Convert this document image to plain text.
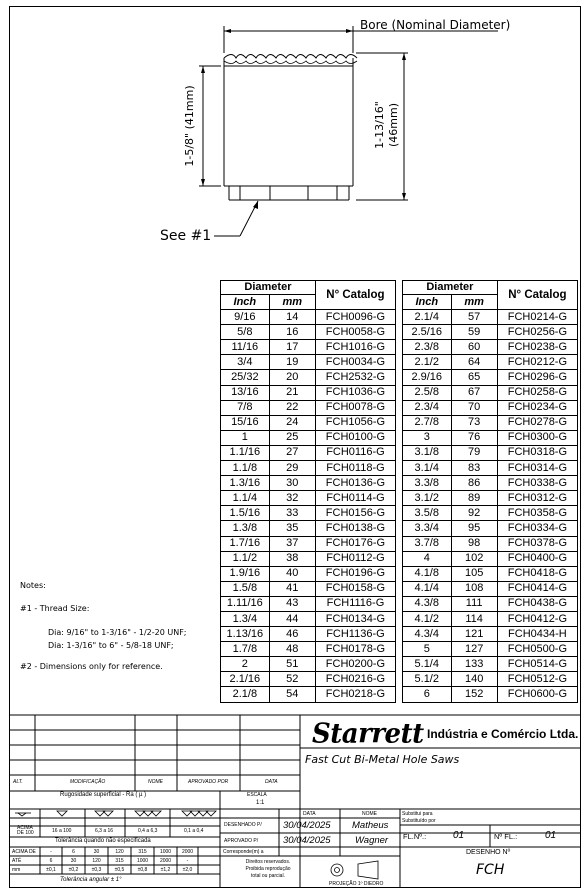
Bore (Nominal Diameter)
1-5/8" (41mm)	1-13/16" (46mm)
See #1
Diameter		N° Catalog
Inch	mm	
9/16	14	FCH0096-G
5/8	16	FCH0058-G
11/16	17	FCH1016-G
3/4	19	FCH0034-G
25/32	20	FCH2532-G
13/16	21	FCH1036-G
7/8	22	FCH0078-G
15/16	24	FCH1056-G
1	25	FCH0100-G
1.1/16	27	FCH0116-G
1.1/8	29	FCH0118-G
1.3/16	30	FCH0136-G
1.1/4	32	FCH0114-G
1.5/16	33	FCH0156-G
1.3/8	35	FCH0138-G
1.7/16	37	FCH0176-G
1.1/2	38	FCH0112-G
1.9/16	40	FCH0196-G
1.5/8	41	FCH0158-G
1.11/16	43	FCH1116-G
1.3/4	44	FCH0134-G
1.13/16	46	FCH1136-G
1.7/8	48	FCH0178-G
2	51	FCH0200-G
2.1/16	52	FCH0216-G
2.1/8	54	FCH0218-G
Diameter		N° Catalog
Inch	mm	
2.1/4	57	FCH0214-G
2.5/16	59	FCH0256-G
2.3/8	60	FCH0238-G
2.1/2	64	FCH0212-G
2.9/16	65	FCH0296-G
2.5/8	67	FCH0258-G
2.3/4	70	FCH0234-G
2.7/8	73	FCH0278-G
3	76	FCH0300-G
3.1/8	79	FCH0318-G
3.1/4	83	FCH0314-G
3.3/8	86	FCH0338-G
3.1/2	89	FCH0312-G
3.5/8	92	FCH0358-G
3.3/4	95	FCH0334-G
3.7/8	98	FCH0378-G
4	102	FCH0400-G
4.1/8	105	FCH0418-G
4.1/4	108	FCH0414-G
4.3/8	111	FCH0438-G
4.1/2	114	FCH0412-G
4.3/4	121	FCH0434-H
5	127	FCH0500-G
5.1/4	133	FCH0514-G
5.1/2	140	FCH0512-G
6	152	FCH0600-G
Notes:
#1 - Thread Size:
Dia: 9/16" to 1-3/16" - 1/2-20 UNF;
Dia: 1-3/16" to 6" - 5/8-18 UNF;
#2 - Dimensions only for reference.
Starrett Indústria e Comércio Ltda.
Fast Cut Bi-Metal Hole Saws
ALT.	MODIFICAÇÃO	NOME	APROVADO POR	DATA
Rugosidade superficial - Ra ( µ )	ESCALA
1:1
ACIMA DE 100	16 a 100	6,3 a 16	0,4 a 6,3	0,1 a 0,4
Tolerância quando não especificada
ACIMA DE	-	6	30	120	315	1000	2000
ATÉ	6	30	120	315	1000	2000	-
mm	±0,1	±0,2	±0,3	±0,5	±0,8	±1,2	±2,0
Tolerância angular ± 1°
DATA	NOME
DESENHADO P/ 30/04/2025 Matheus
APROVADO P/	30/04/2025	Wagner
Corresponde(m) a
Direitos reservados.
Proibida reprodução
total ou parcial.
PROJEÇÃO 1º DIEDRO
Substitui para
Substituído por
FL.Nº.:	01	Nº FL.:	01
DESENHO Nº
FCH
